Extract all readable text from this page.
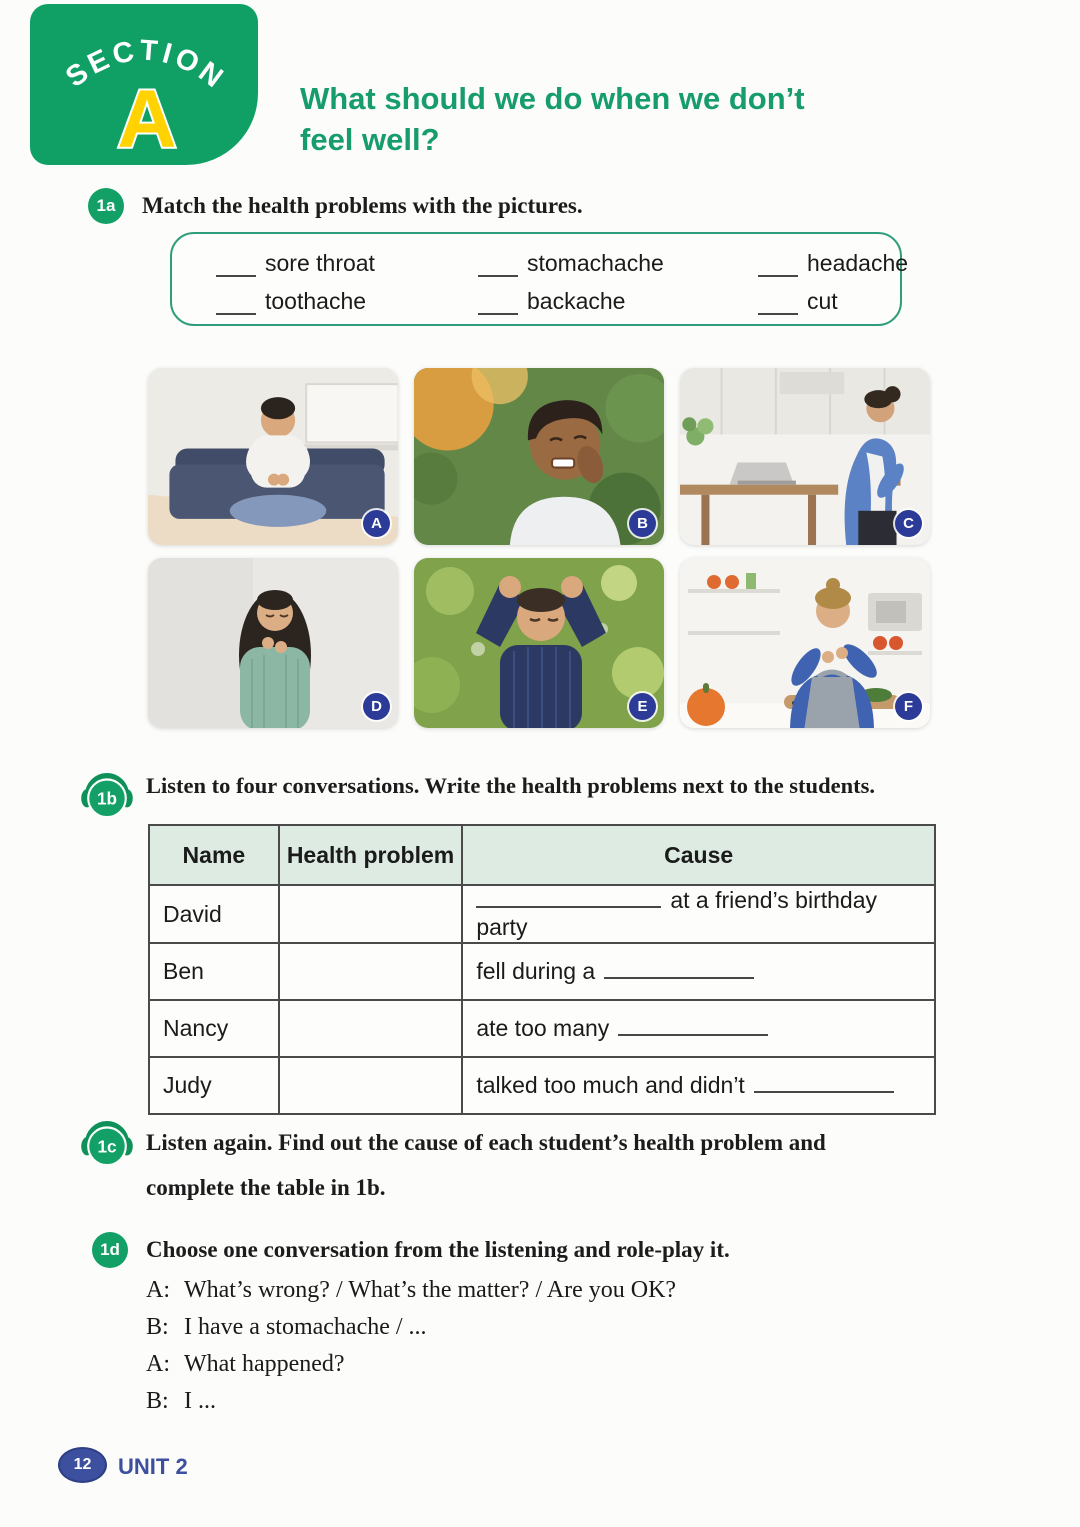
SECTION
A	What should we do when we don’t
feel well?
1a Match the health problems with the pictures.
sore throat	stomachache	headache
toothache	backache	cut
A	B	C
D	E	F
1b
Listen to four conversations. Write the health problems next to the students.
Name	Health problem	Cause
David		at a friend’s birthday party
Ben		fell during a
Nancy		ate too many
Judy		talked too much and didn’t
1c Listen again. Find out the cause of each student’s health problem and
complete the table in 1b.
1d Choose one conversation from the listening and role-play it.
A: What’s wrong? / What’s the matter? / Are you OK?
B: I have a stomachache / ...
A: What happened?
B: I ...
12 UNIT 2
